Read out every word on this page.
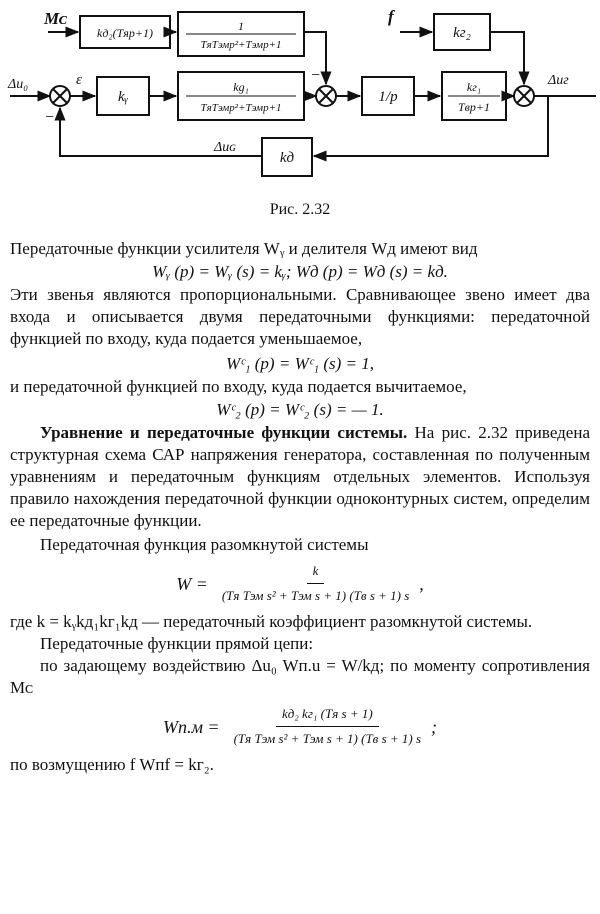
Mᴄ
Δu₀
f
ε
−
−	Δuг
Δuɢ
kд₂(Tяp+1)	1
TяTэмp²+Tэмp+1
kᵧ
kg₁
TяTэмp²+Tэмp+1
1/p
kг₂
kг₁
Tвp+1
kд
Рис. 2.32

Передаточные функции усилителя Wᵧ и делителя Wд имеют вид

Wᵧ (p) = Wᵧ (s) = kᵧ; Wд (p) = Wд (s) = kд.

Эти звенья являются пропорциональными. Сравнивающее звено имеет два входа и описывается двумя передаточными функциями: передаточной функцией по входу, куда подается уменьшаемое,

Wᶜ₁ (p) = Wᶜ₁ (s) = 1,

и передаточной функцией по входу, куда подается вычитаемое,

Wᶜ₂ (p) = Wᶜ₂ (s) = — 1.

Уравнение и передаточные функции системы. На рис. 2.32 приведена структурная схема САР напряжения генератора, составленная по полученным уравнениям и передаточным функциям отдельных элементов. Используя правило нахождения передаточной функции одноконтурных систем, определим ее передаточные функции.

Передаточная функция разомкнутой системы

$W = \frac{k}{\text{(Tя Tэм s² + Tэм s + 1) (Tв s + 1) s}}$ ,

где k = kᵧkд₁kг₁kд — передаточный коэффициент разомкнутой системы.

Передаточные функции прямой цепи:

по задающему воздействию Δu₀ Wп.u = W/kд; по моменту сопротивления Mᴄ

$Wп.м = \frac{\text{kд₂ kг₁ (Tя s + 1)}}{\text{(Tя Tэм s² + Tэм s + 1) (Tв s + 1) s}}$ ;

по возмущению f Wпf = kг₂.
